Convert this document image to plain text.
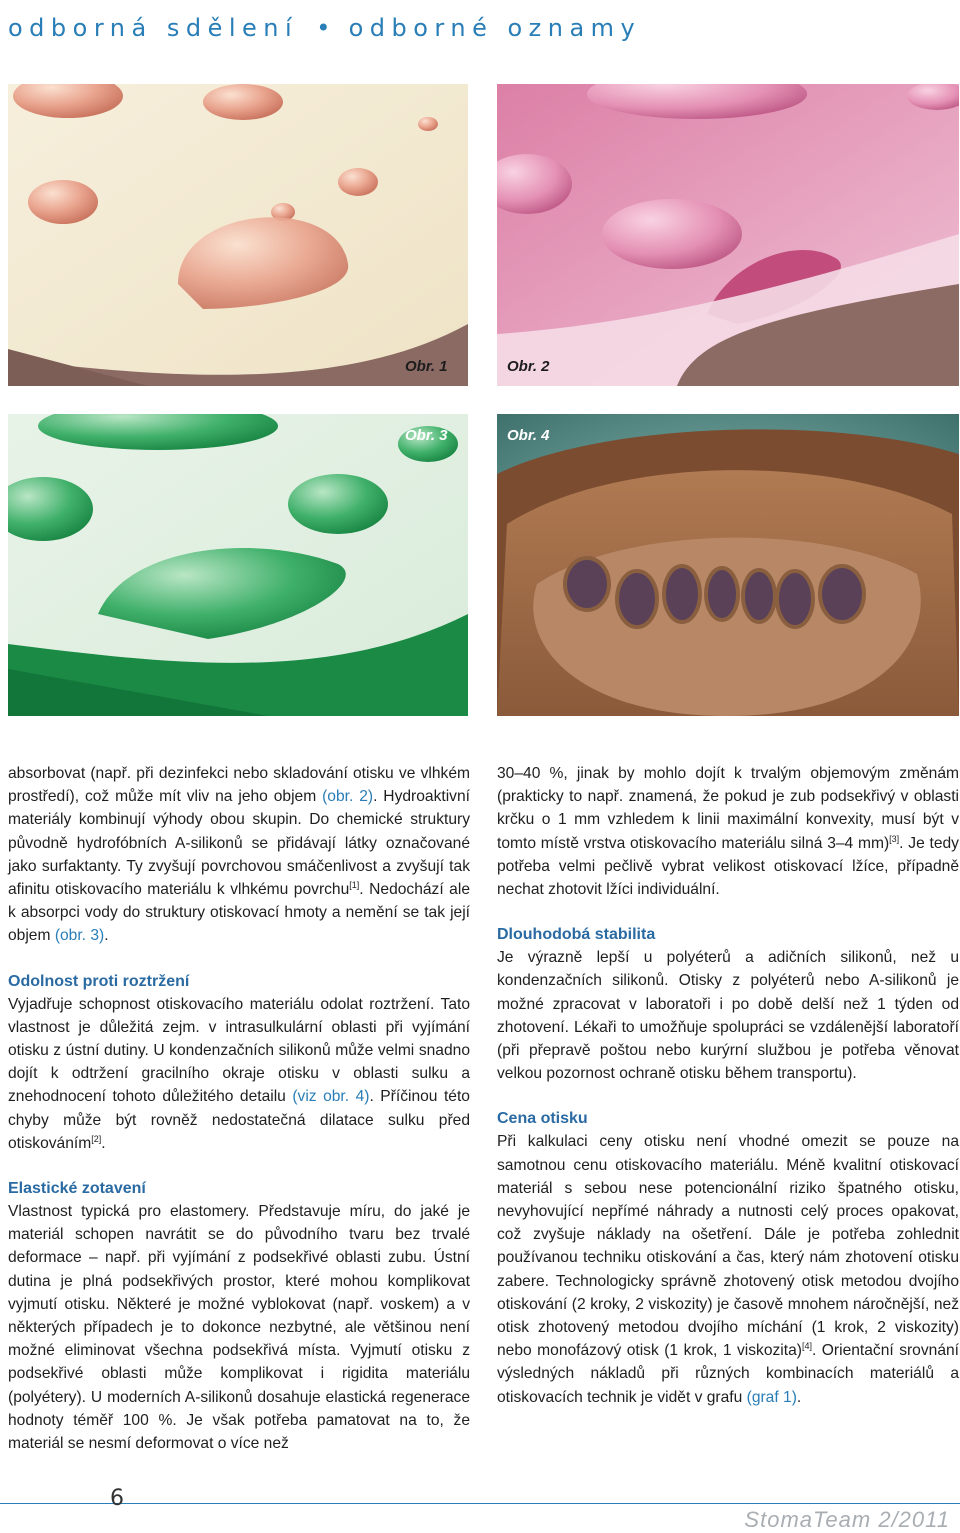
odborná sdělení • odborné oznamy
Obr. 1	Obr. 2
Obr. 3	Obr. 4

absorbovat (např. při dezinfekci nebo skladování otisku ve vlhkém prostředí), což může mít vliv na jeho objem (obr. 2). Hydroaktivní materiály kombinují výhody obou skupin. Do chemické struktury původně hydrofóbních A-silikonů se přidávají látky označované jako surfaktanty. Ty zvyšují povrchovou smáčenlivost a zvyšují tak afinitu otiskovacího materiálu k vlhkému povrchu[1]. Nedochází ale k absorpci vody do struktury otiskovací hmoty a nemění se tak její objem (obr. 3).

Odolnost proti roztržení

Vyjadřuje schopnost otiskovacího materiálu odolat roztržení. Tato vlastnost je důležitá zejm. v intrasulkulární oblasti při vyjímání otisku z ústní dutiny. U kondenzačních silikonů může velmi snadno dojít k odtržení gracilního okraje otisku v oblasti sulku a znehodnocení tohoto důležitého detailu (viz obr. 4). Příčinou této chyby může být rovněž nedostatečná dilatace sulku před otiskováním[2].

Elastické zotavení

Vlastnost typická pro elastomery. Představuje míru, do jaké je materiál schopen navrátit se do původního tvaru bez trvalé deformace – např. při vyjímání z podsekřivé oblasti zubu. Ústní dutina je plná podsekřivých prostor, které mohou komplikovat vyjmutí otisku. Některé je možné vyblokovat (např. voskem) a v některých případech je to dokonce nezbytné, ale většinou není možné eliminovat všechna podsekřivá místa. Vyjmutí otisku z podsekřivé oblasti může komplikovat i rigidita materiálu (polyétery). U moderních A-silikonů dosahuje elastická regenerace hodnoty téměř 100 %. Je však potřeba pamatovat na to, že materiál se nesmí deformovat o více než

30–40 %, jinak by mohlo dojít k trvalým objemovým změnám (prakticky to např. znamená, že pokud je zub podsekřivý v oblasti krčku o 1 mm vzhledem k linii maximální konvexity, musí být v tomto místě vrstva otiskovacího materiálu silná 3–4 mm)[3]. Je tedy potřeba velmi pečlivě vybrat velikost otiskovací lžíce, případně nechat zhotovit lžíci individuální.

Dlouhodobá stabilita

Je výrazně lepší u polyéterů a adičních silikonů, než u kondenzačních silikonů. Otisky z polyéterů nebo A-silikonů je možné zpracovat v laboratoři i po době delší než 1 týden od zhotovení. Lékaři to umožňuje spolupráci se vzdálenější laboratoří (při přepravě poštou nebo kurýrní službou je potřeba věnovat velkou pozornost ochraně otisku během transportu).

Cena otisku

Při kalkulaci ceny otisku není vhodné omezit se pouze na samotnou cenu otiskovacího materiálu. Méně kvalitní otiskovací materiál s sebou nese potencionální riziko špatného otisku, nevyhovující nepřímé náhrady a nutnosti celý proces opakovat, což zvyšuje náklady na ošetření. Dále je potřeba zohlednit používanou techniku otiskování a čas, který nám zhotovení otisku zabere. Technologicky správně zhotovený otisk metodou dvojího otiskování (2 kroky, 2 viskozity) je časově mnohem náročnější, než otisk zhotovený metodou dvojího míchání (1 krok, 2 viskozity) nebo monofázový otisk (1 krok, 1 viskozita)[4]. Orientační srovnání výsledných nákladů při různých kombinacích materiálů a otiskovacích technik je vidět v grafu (graf 1).

6
StomaTeam 2/2011
